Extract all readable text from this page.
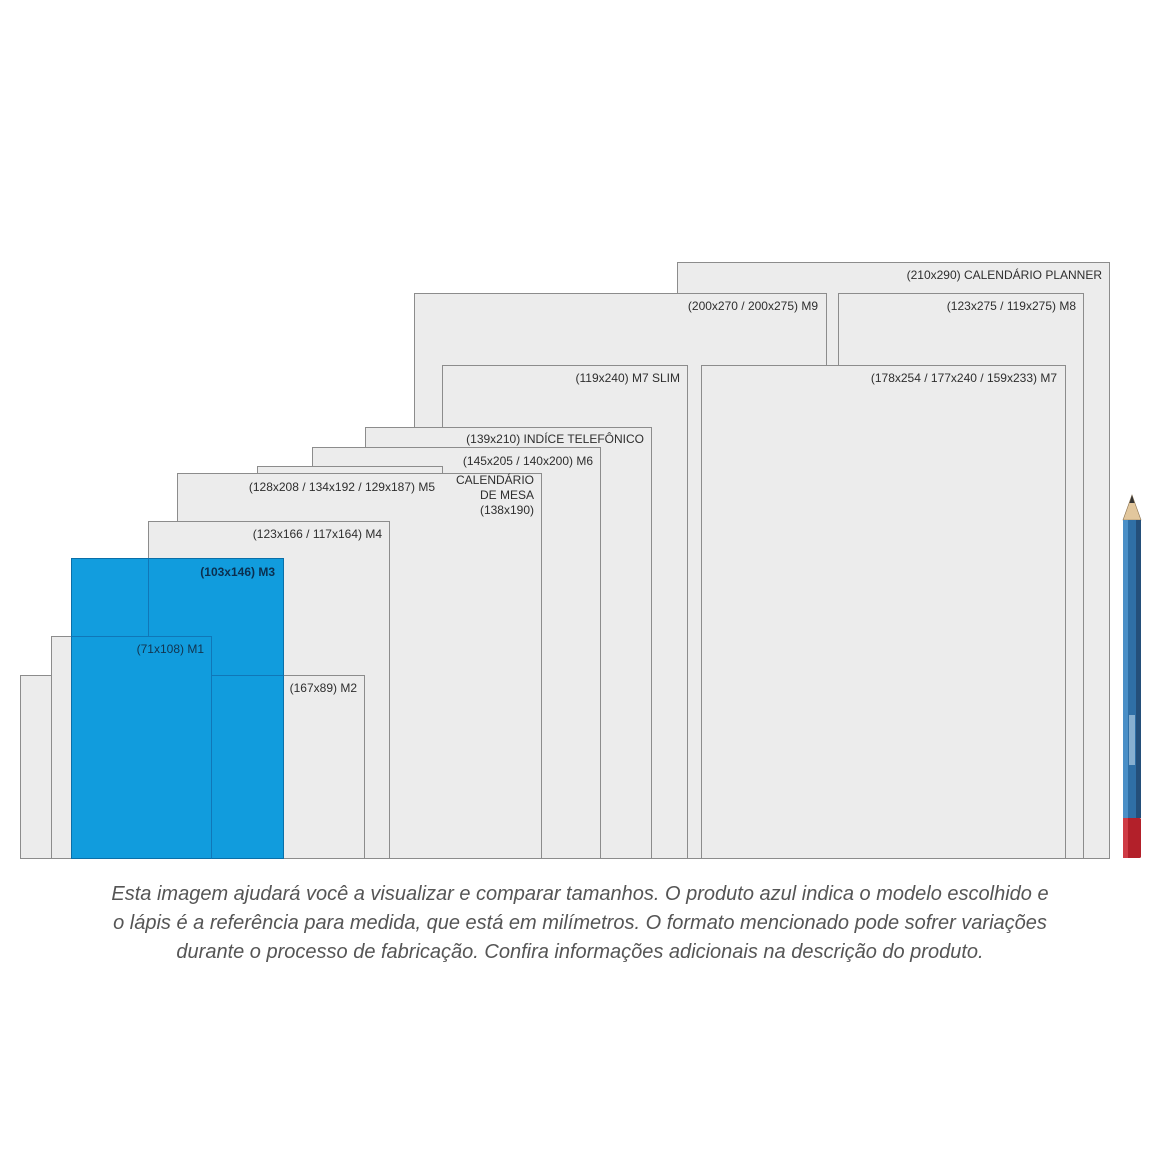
(210x290) CALENDÁRIO PLANNER
(200x270 / 200x275) M9	(123x275 / 119x275) M8
(119x240) M7 SLIM	(178x254 / 177x240 / 159x233) M7
(139x210) INDÍCE TELEFÔNICO
(145x205 / 140x200) M6
CALENDÁRIO
DE MESA
(138x190)
(128x208 / 134x192 / 129x187) M5
(123x166 / 117x164) M4
(103x146) M3
(71x108) M1
(167x89) M2

Esta imagem ajudará você a visualizar e comparar tamanhos. O produto azul indica o modelo escolhido e
o lápis é a referência para medida, que está em milímetros. O formato mencionado pode sofrer variações
durante o processo de fabricação. Confira informações adicionais na descrição do produto.
